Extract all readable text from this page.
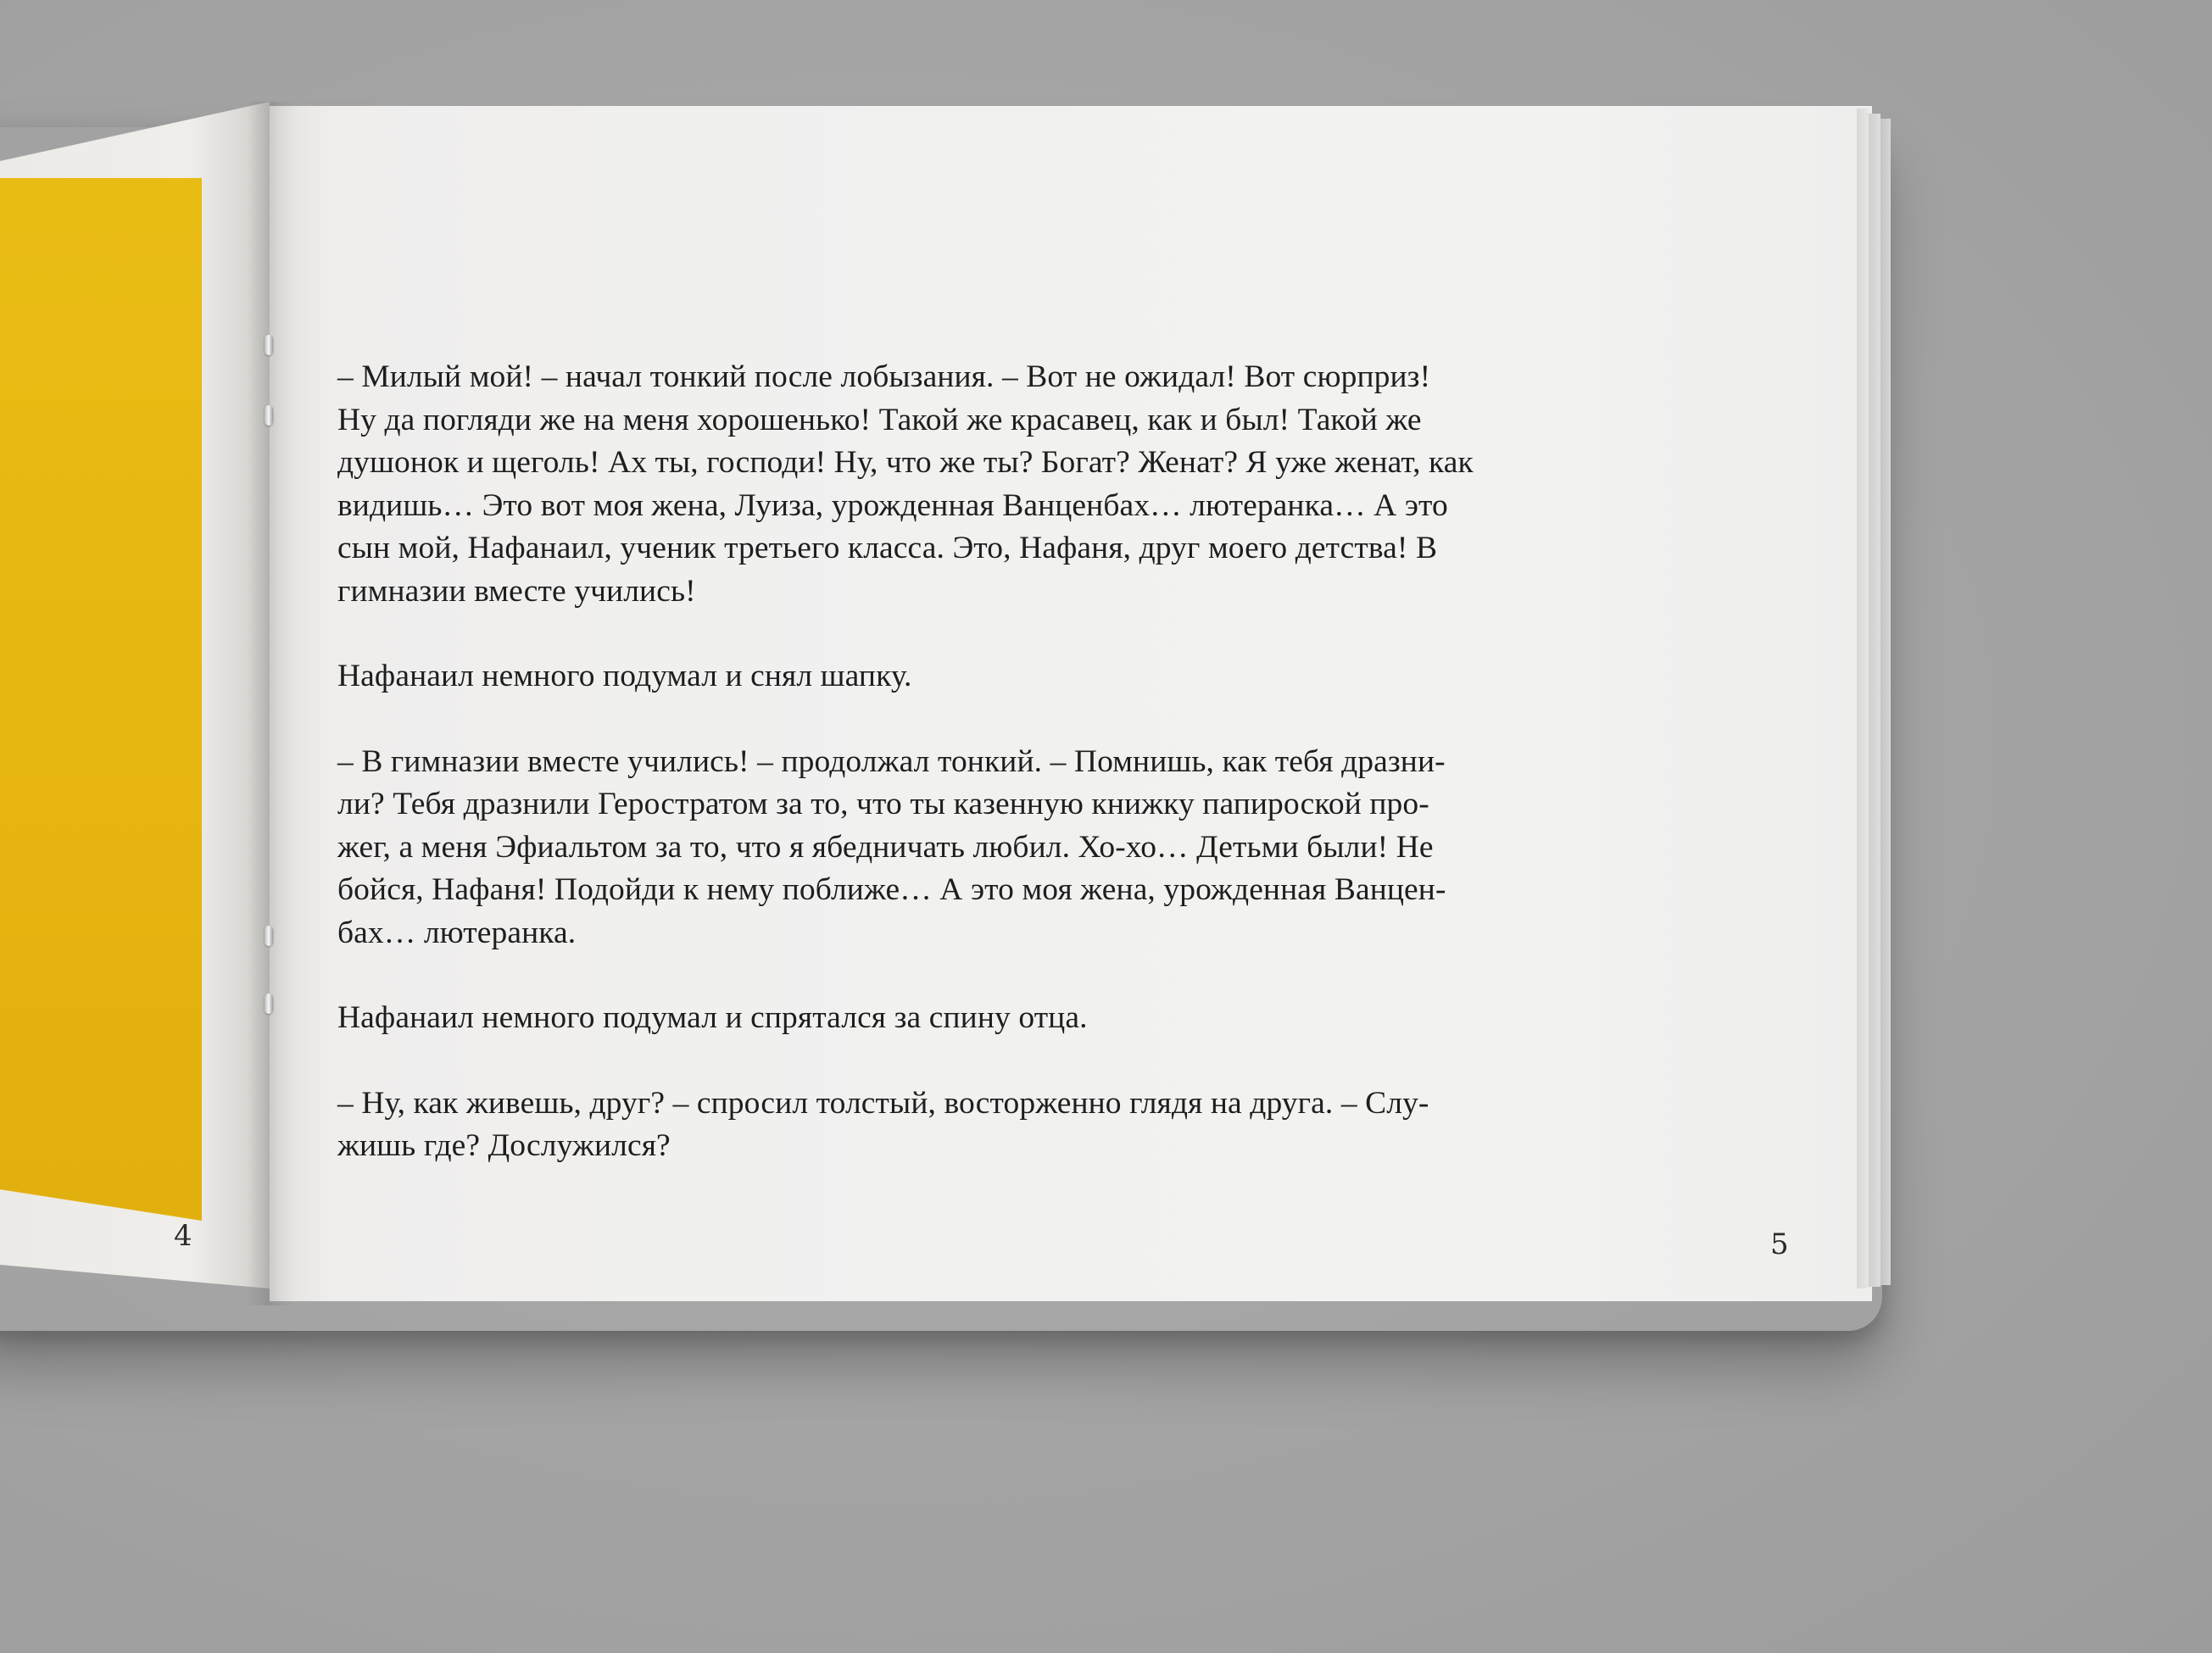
4

– Милый мой! – начал тонкий после лобызания. – Вот не ожидал! Вот сюрприз!
Ну да погляди же на меня хорошенько! Такой же красавец, как и был! Такой же
душонок и щеголь! Ах ты, господи! Ну, что же ты? Богат? Женат? Я уже женат, как
видишь… Это вот моя жена, Луиза, урожденная Ванценбах… лютеранка… А это
сын мой, Нафанаил, ученик третьего класса. Это, Нафаня, друг моего детства! В
гимназии вместе учились!

Нафанаил немного подумал и снял шапку.

– В гимназии вместе учились! – продолжал тонкий. – Помнишь, как тебя дразни-
ли? Тебя дразнили Геростратом за то, что ты казенную книжку папироской про-
жег, а меня Эфиальтом за то, что я ябедничать любил. Хо-хо… Детьми были! Не
бойся, Нафаня! Подойди к нему поближе… А это моя жена, урожденная Ванцен-
бах… лютеранка.

Нафанаил немного подумал и спрятался за спину отца.

– Ну, как живешь, друг? – спросил толстый, восторженно глядя на друга. – Слу-
жишь где? Дослужился?

5
